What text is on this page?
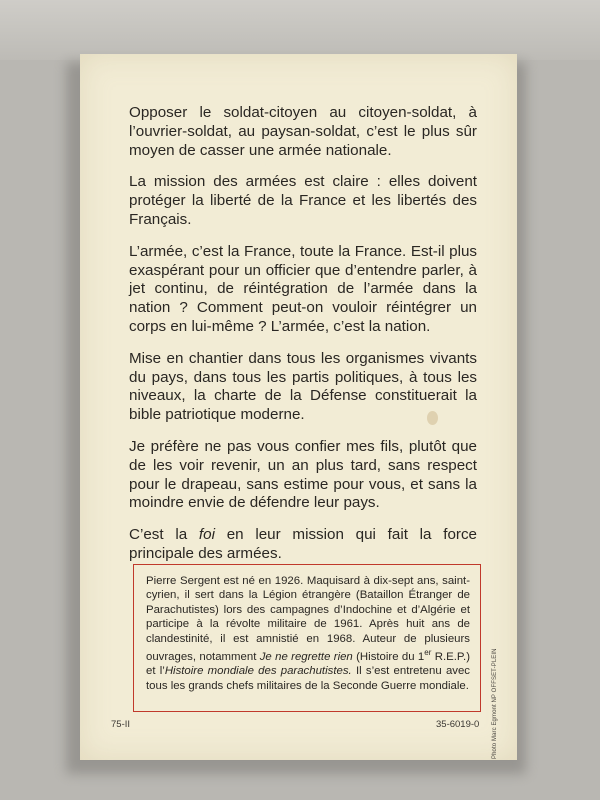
Opposer le soldat-citoyen au citoyen-soldat, à l’ouvrier-soldat, au paysan-soldat, c’est le plus sûr moyen de casser une armée nationale.

La mission des armées est claire : elles doivent protéger la liberté de la France et les libertés des Français.

L’armée, c’est la France, toute la France. Est-il plus exaspérant pour un officier que d’entendre parler, à jet continu, de réintégration de l’armée dans la nation ? Comment peut-on vouloir réintégrer un corps en lui-même ? L’armée, c’est la nation.

Mise en chantier dans tous les organismes vivants du pays, dans tous les partis politiques, à tous les niveaux, la charte de la Défense constituerait la bible patriotique moderne.

Je préfère ne pas vous confier mes fils, plutôt que de les voir revenir, un an plus tard, sans respect pour le drapeau, sans estime pour vous, et sans la moindre envie de défendre leur pays.

C’est la foi en leur mission qui fait la force principale des armées.

Pierre Sergent est né en 1926. Maquisard à dix-sept ans, saint-cyrien, il sert dans la Légion étrangère (Bataillon Étranger de Parachutistes) lors des campagnes d’Indochine et d’Algérie et participe à la révolte militaire de 1961. Après huit ans de clandestinité, il est amnistié en 1968. Auteur de plusieurs ouvrages, notamment Je ne regrette rien (Histoire du 1er R.E.P.) et l’Histoire mondiale des parachutistes. Il s’est entretenu avec tous les grands chefs militaires de la Seconde Guerre mondiale.

75-II	35-6019-0 Photo Marc Egmont NP OFFSET-PLEIN
